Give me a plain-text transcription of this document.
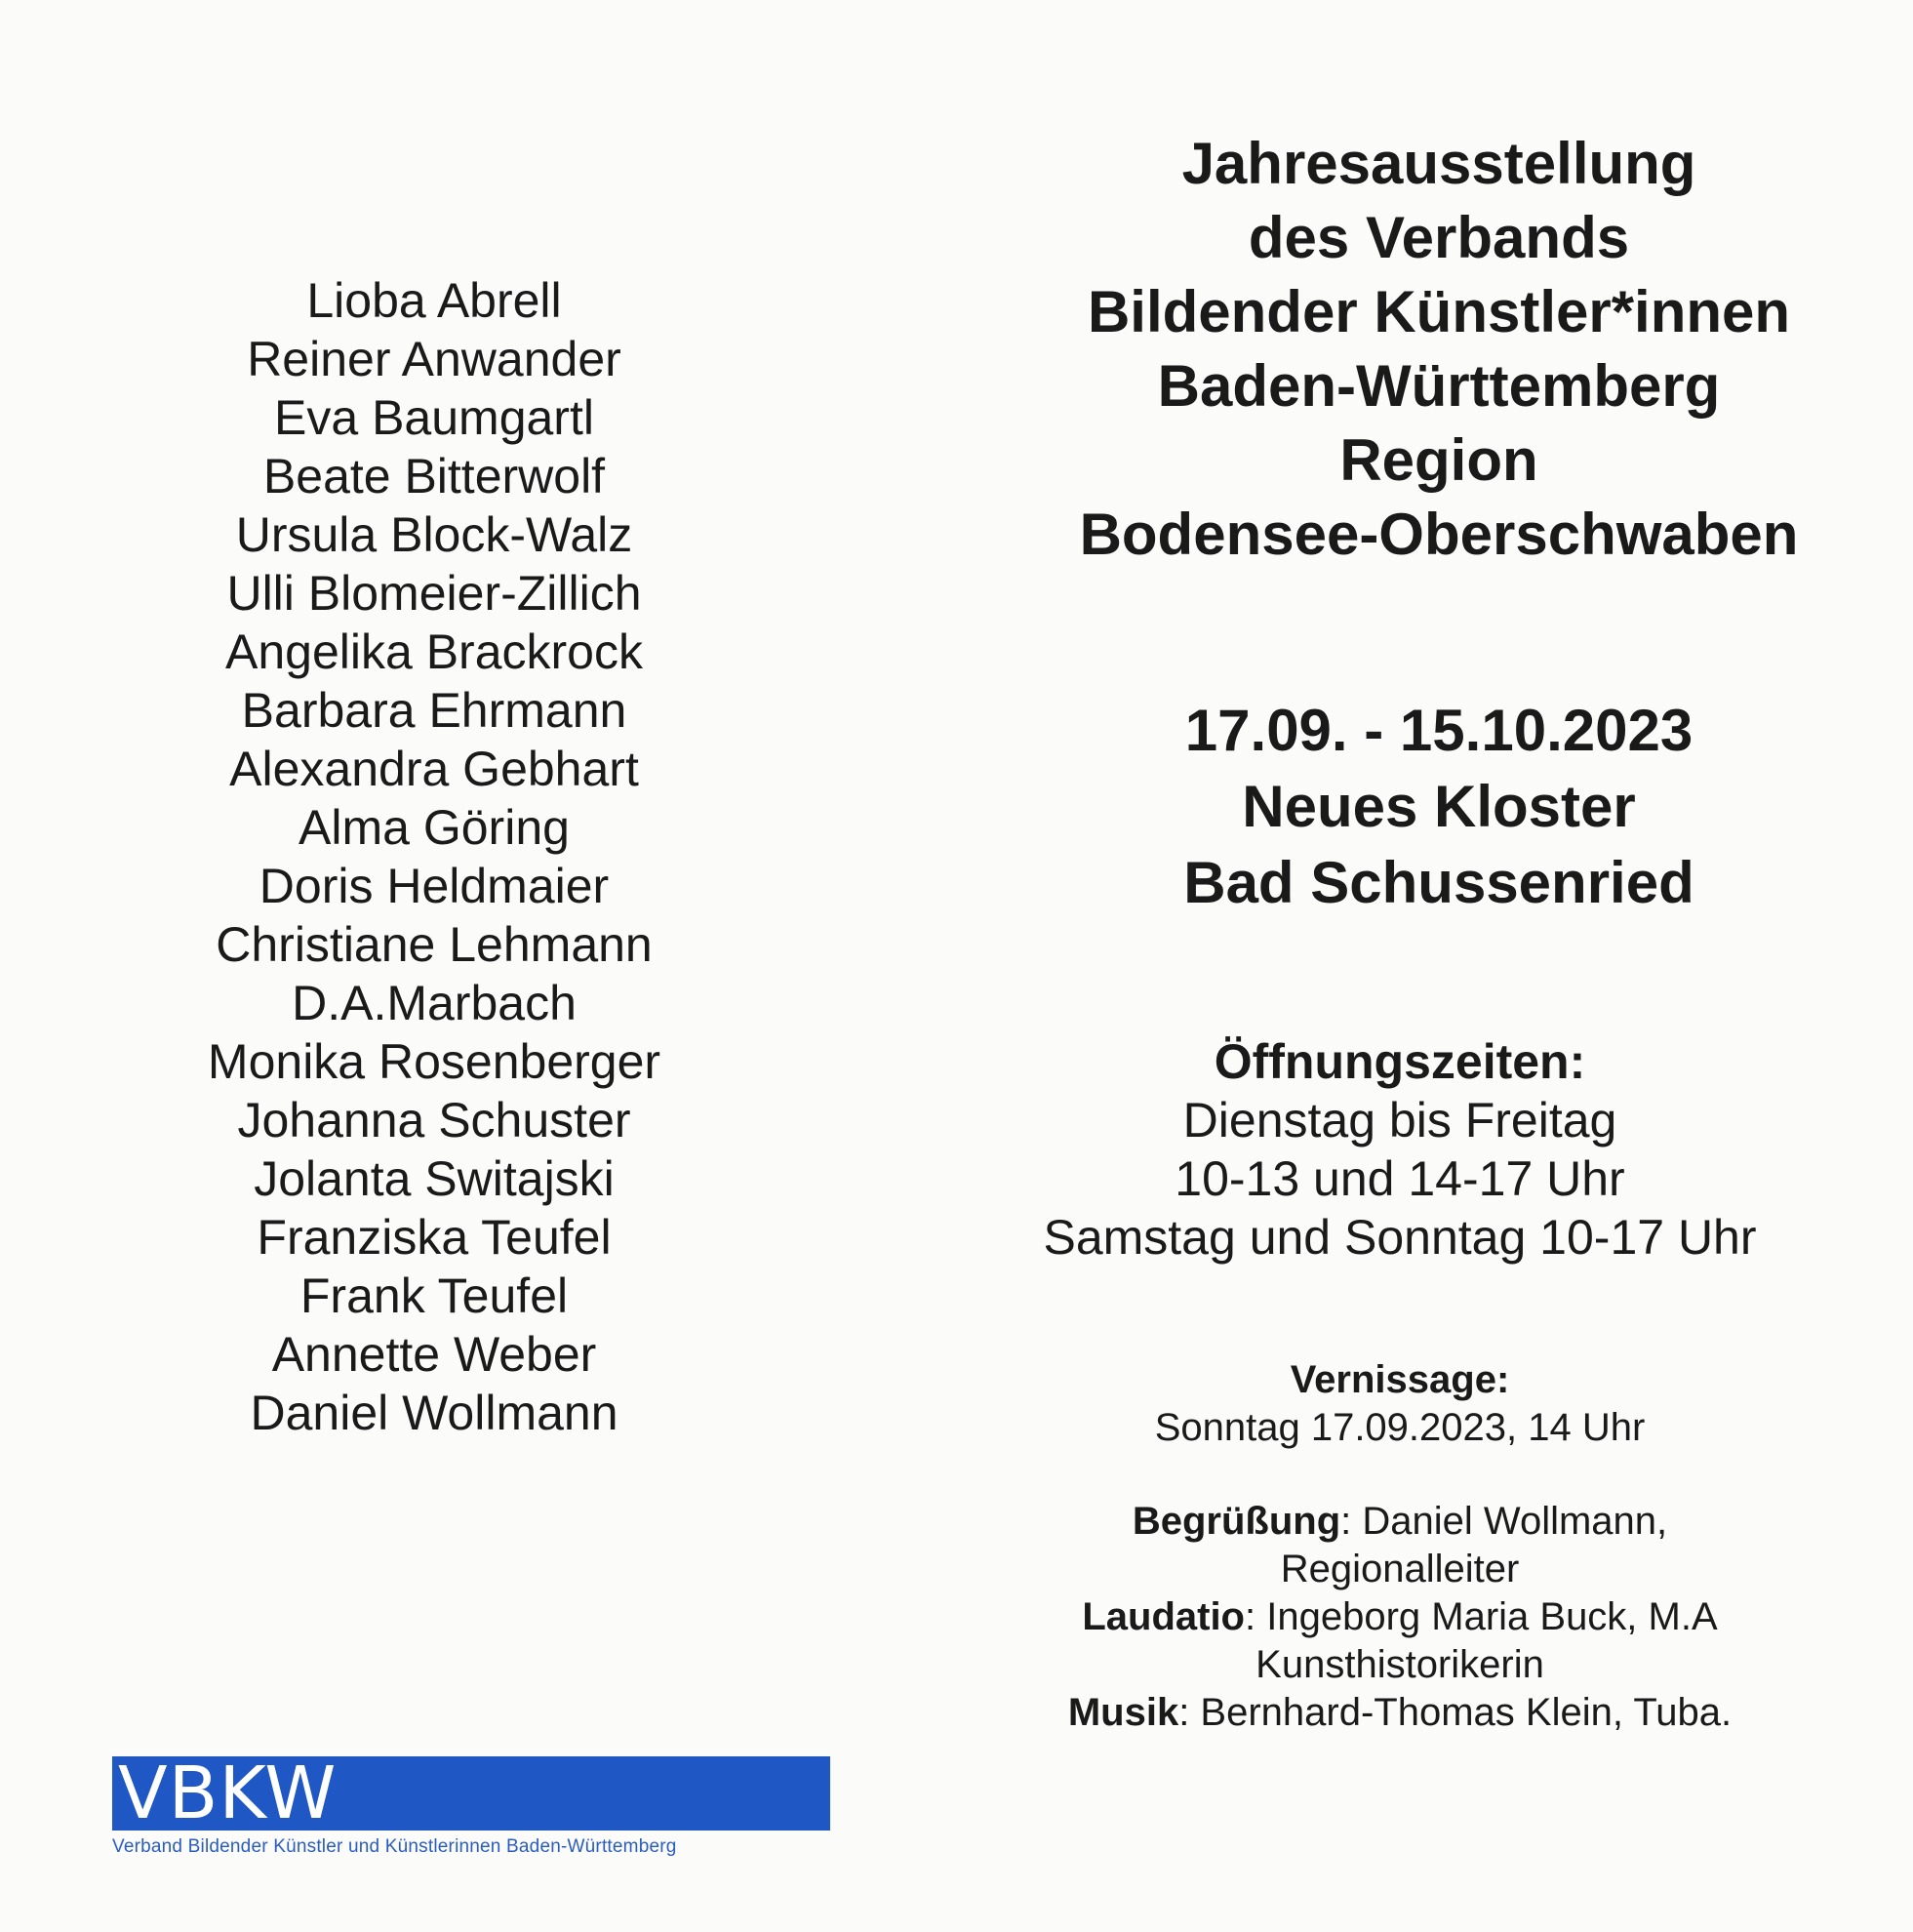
Lioba Abrell
Reiner Anwander
Eva Baumgartl
Beate Bitterwolf
Ursula Block-Walz
Ulli Blomeier-Zillich
Angelika Brackrock
Barbara Ehrmann
Alexandra Gebhart
Alma Göring
Doris Heldmaier
Christiane Lehmann
D.A.Marbach
Monika Rosenberger
Johanna Schuster
Jolanta Switajski
Franziska Teufel
Frank Teufel
Annette Weber
Daniel Wollmann
Jahresausstellung
des Verbands
Bildender Künstler*innen
Baden-Württemberg
Region
Bodensee-Oberschwaben
17.09. - 15.10.2023
Neues Kloster
Bad Schussenried
Öffnungszeiten:
Dienstag bis Freitag
10-13 und 14-17 Uhr
Samstag und Sonntag 10-17 Uhr
Vernissage:
Sonntag 17.09.2023, 14 Uhr
Begrüßung: Daniel Wollmann,
Regionalleiter
Laudatio: Ingeborg Maria Buck, M.A
Kunsthistorikerin
Musik: Bernhard-Thomas Klein, Tuba.
VBKW
Verband Bildender Künstler und Künstlerinnen Baden-Württemberg
